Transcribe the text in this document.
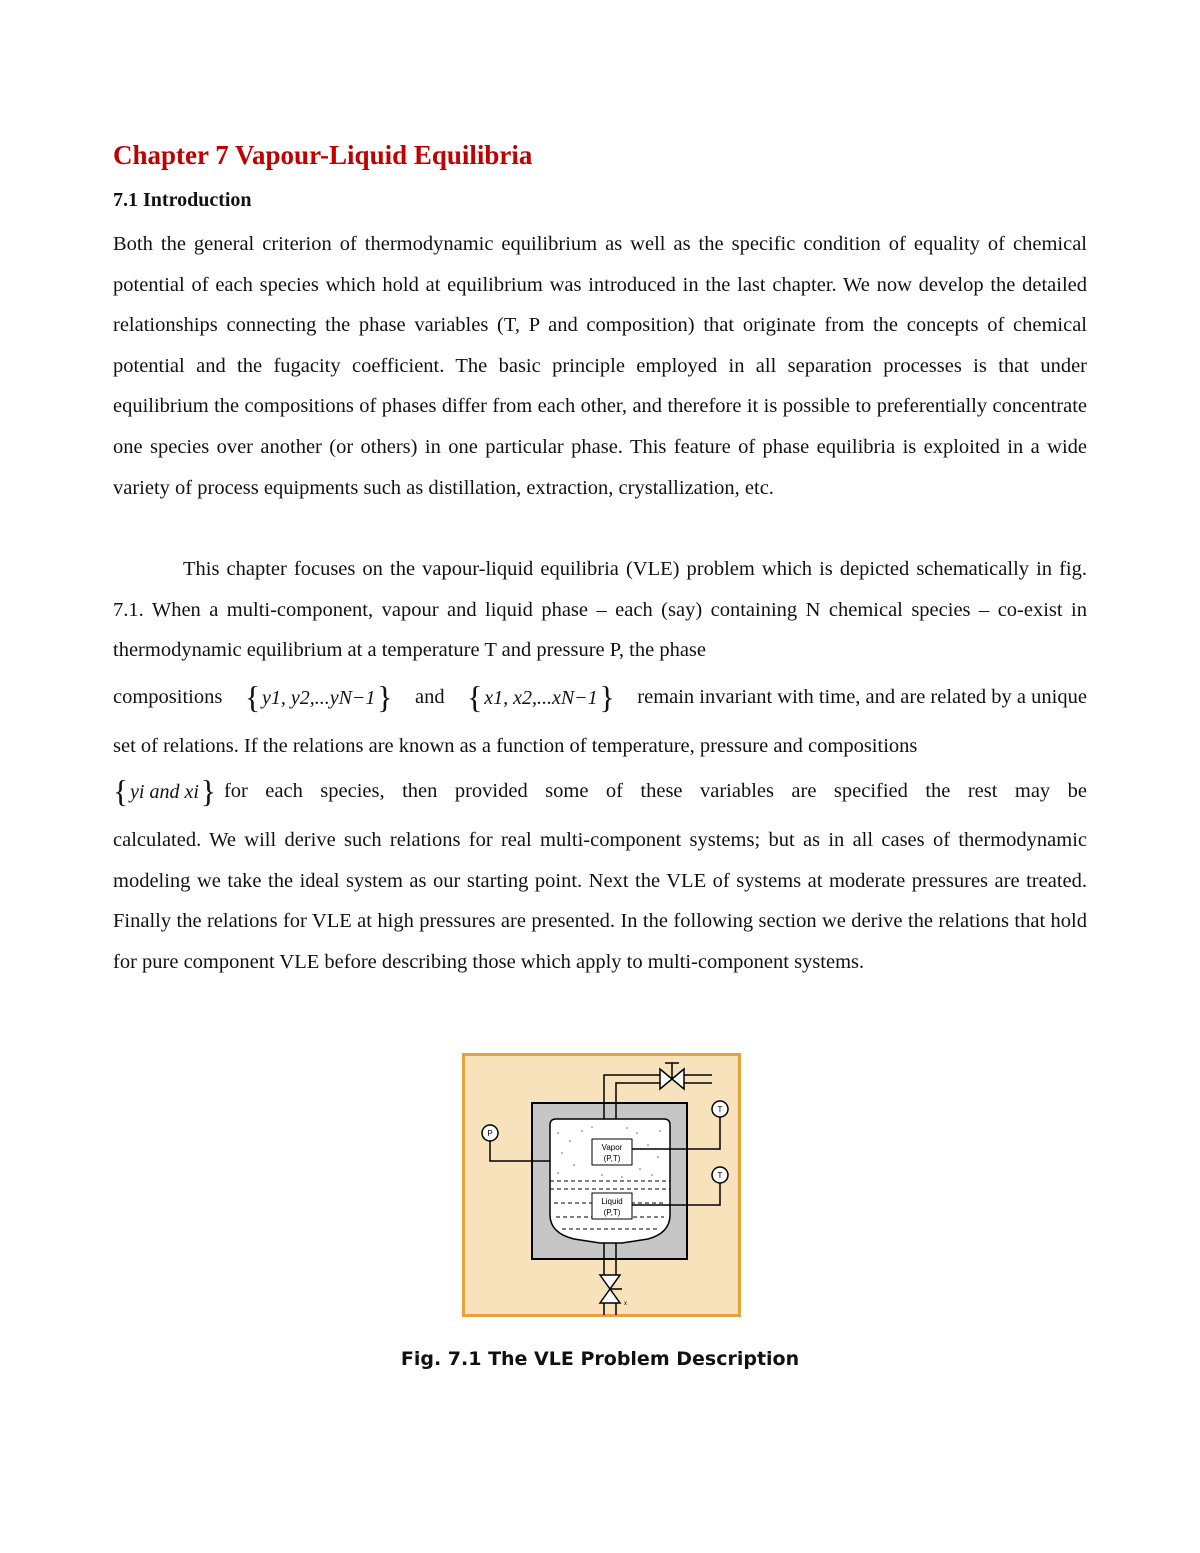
Chapter 7 Vapour-Liquid Equilibria
7.1 Introduction

Both the general criterion of thermodynamic equilibrium as well as the specific condition of equality of chemical potential of each species which hold at equilibrium was introduced in the last chapter. We now develop the detailed relationships connecting the phase variables (T, P and composition) that originate from the concepts of chemical potential and the fugacity coefficient. The basic principle employed in all separation processes is that under equilibrium the compositions of phases differ from each other, and therefore it is possible to preferentially concentrate one species over another (or others) in one particular phase. This feature of phase equilibria is exploited in a wide variety of process equipments such as distillation, extraction, crystallization, etc.

This chapter focuses on the vapour-liquid equilibria (VLE) problem which is depicted schematically in fig. 7.1. When a multi-component, vapour and liquid phase – each (say) containing N chemical species – co-exist in thermodynamic equilibrium at a temperature T and pressure P, the phase

compositions { y1, y2,...yN−1 } and { x1, x2,...xN−1 } remain invariant with time, and are related by a unique

set of relations. If the relations are known as a function of temperature, pressure and compositions

{ yi and xi } for each species, then provided some of these variables are specified the rest may be

calculated. We will derive such relations for real multi-component systems; but as in all cases of thermodynamic modeling we take the ideal system as our starting point. Next the VLE of systems at moderate pressures are treated. Finally the relations for VLE at high pressures are presented. In the following section we derive the relations that hold for pure component VLE before describing those which apply to multi-component systems.

Vapor
(P,T)
Liquid
(P,T)
x
P
T
T

Fig. 7.1 The VLE Problem Description
